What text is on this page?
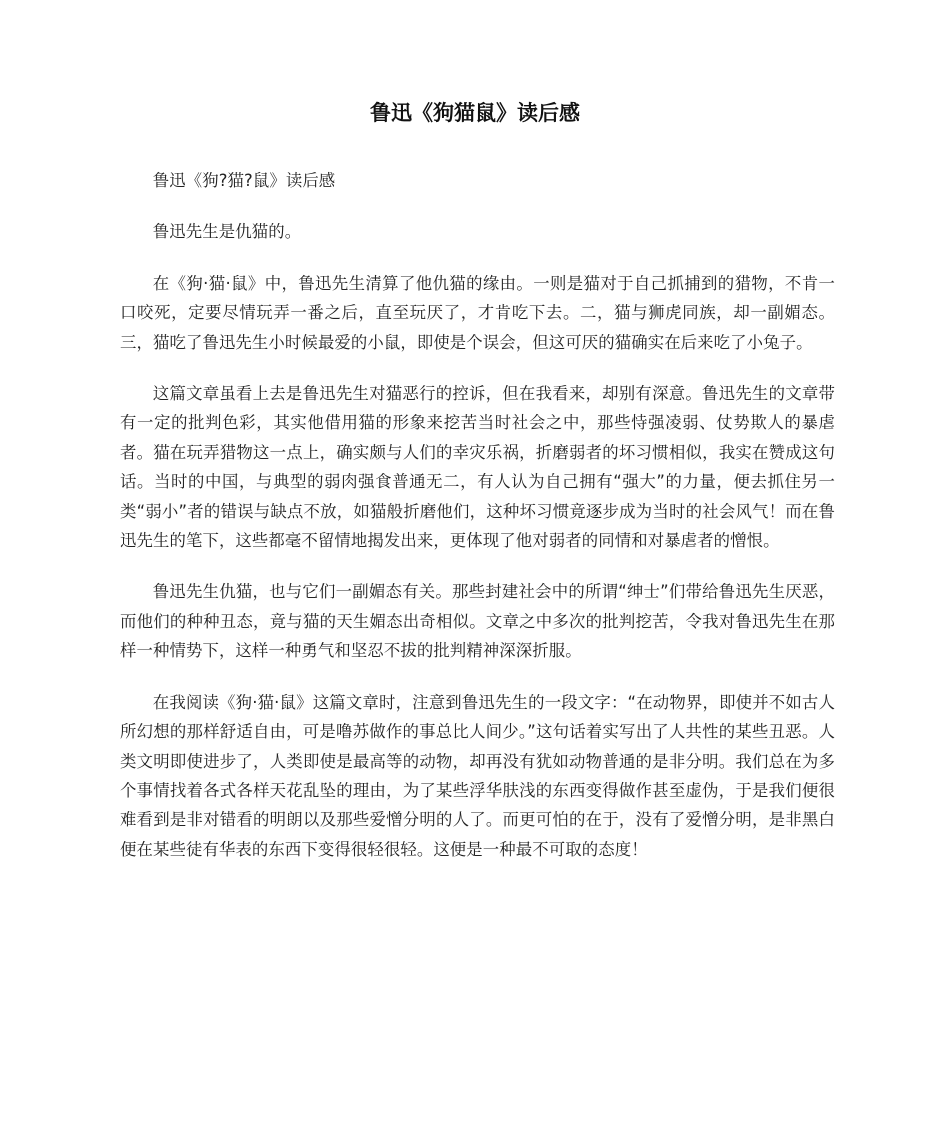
鲁迅《狗猫鼠》读后感

鲁迅《狗?猫?鼠》读后感

鲁迅先生是仇猫的。

在《狗·猫·鼠》中，鲁迅先生清算了他仇猫的缘由。一则是猫对于自己抓捕到的猎物，不肯一口咬死，定要尽情玩弄一番之后，直至玩厌了，才肯吃下去。二，猫与狮虎同族，却一副媚态。三，猫吃了鲁迅先生小时候最爱的小鼠，即使是个误会，但这可厌的猫确实在后来吃了小兔子。

这篇文章虽看上去是鲁迅先生对猫恶行的控诉，但在我看来，却别有深意。鲁迅先生的文章带有一定的批判色彩，其实他借用猫的形象来挖苦当时社会之中，那些恃强凌弱、仗势欺人的暴虐者。猫在玩弄猎物这一点上，确实颇与人们的幸灾乐祸，折磨弱者的坏习惯相似，我实在赞成这句话。当时的中国，与典型的弱肉强食普通无二，有人认为自己拥有“强大”的力量，便去抓住另一类“弱小”者的错误与缺点不放，如猫般折磨他们，这种坏习惯竟逐步成为当时的社会风气！而在鲁迅先生的笔下，这些都毫不留情地揭发出来，更体现了他对弱者的同情和对暴虐者的憎恨。

鲁迅先生仇猫，也与它们一副媚态有关。那些封建社会中的所谓“绅士”们带给鲁迅先生厌恶，而他们的种种丑态，竟与猫的天生媚态出奇相似。文章之中多次的批判挖苦，令我对鲁迅先生在那样一种情势下，这样一种勇气和坚忍不拔的批判精神深深折服。

在我阅读《狗·猫·鼠》这篇文章时，注意到鲁迅先生的一段文字：“在动物界，即使并不如古人所幻想的那样舒适自由，可是噜苏做作的事总比人间少。”这句话着实写出了人共性的某些丑恶。人类文明即使进步了，人类即使是最高等的动物，却再没有犹如动物普通的是非分明。我们总在为多个事情找着各式各样天花乱坠的理由，为了某些浮华肤浅的东西变得做作甚至虚伪，于是我们便很难看到是非对错看的明朗以及那些爱憎分明的人了。而更可怕的在于，没有了爱憎分明，是非黑白便在某些徒有华表的东西下变得很轻很轻。这便是一种最不可取的态度！
